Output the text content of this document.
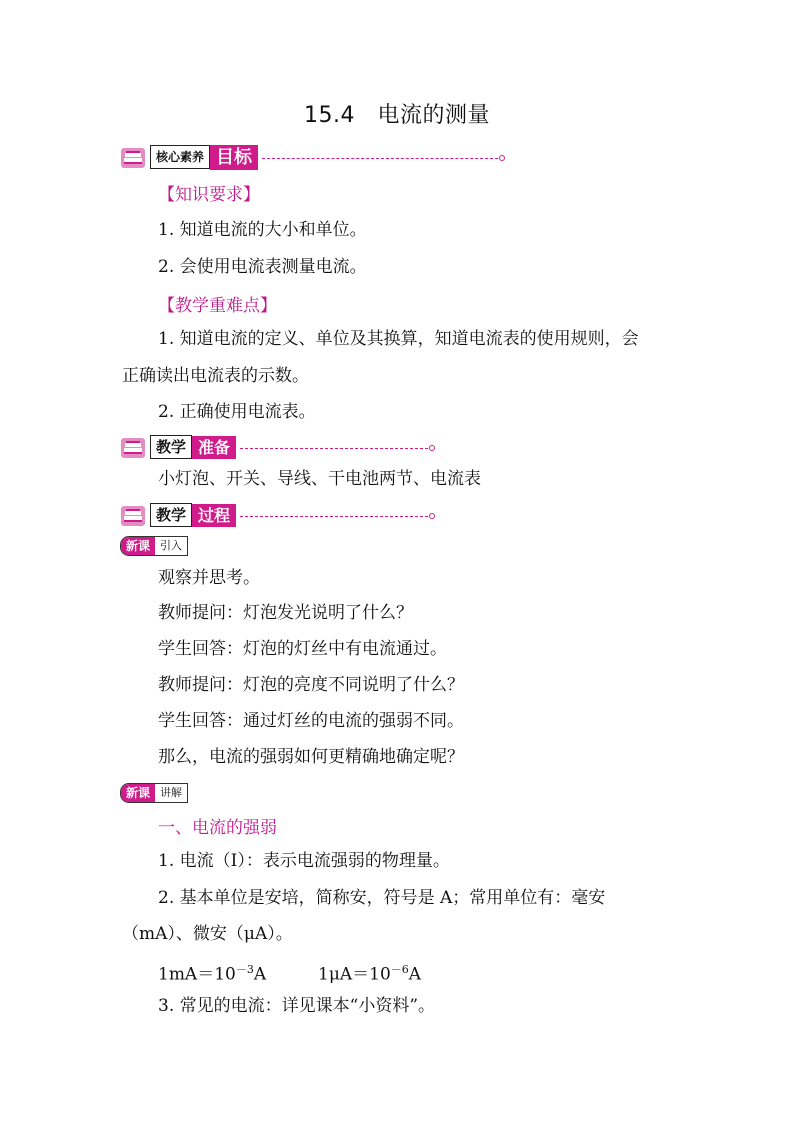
15.4　电流的测量
核心素养 目标
【知识要求】
1. 知道电流的大小和单位。
2. 会使用电流表测量电流。
【教学重难点】
1. 知道电流的定义、单位及其换算，知道电流表的使用规则，会
正确读出电流表的示数。
2. 正确使用电流表。
教学 准备
小灯泡、开关、导线、干电池两节、电流表
教学 过程
新课 引入
观察并思考。
教师提问：灯泡发光说明了什么？
学生回答：灯泡的灯丝中有电流通过。
教师提问：灯泡的亮度不同说明了什么？
学生回答：通过灯丝的电流的强弱不同。
那么，电流的强弱如何更精确地确定呢？
新课 讲解
一、电流的强弱
1. 电流（I）：表示电流强弱的物理量。
2. 基本单位是安培，简称安，符号是 A；常用单位有：毫安
（mA）、微安（μA）。
$1mA=10^{-3}A$	$1\mu A=10^{-6}A$
3. 常见的电流：详见课本“小资料”。
